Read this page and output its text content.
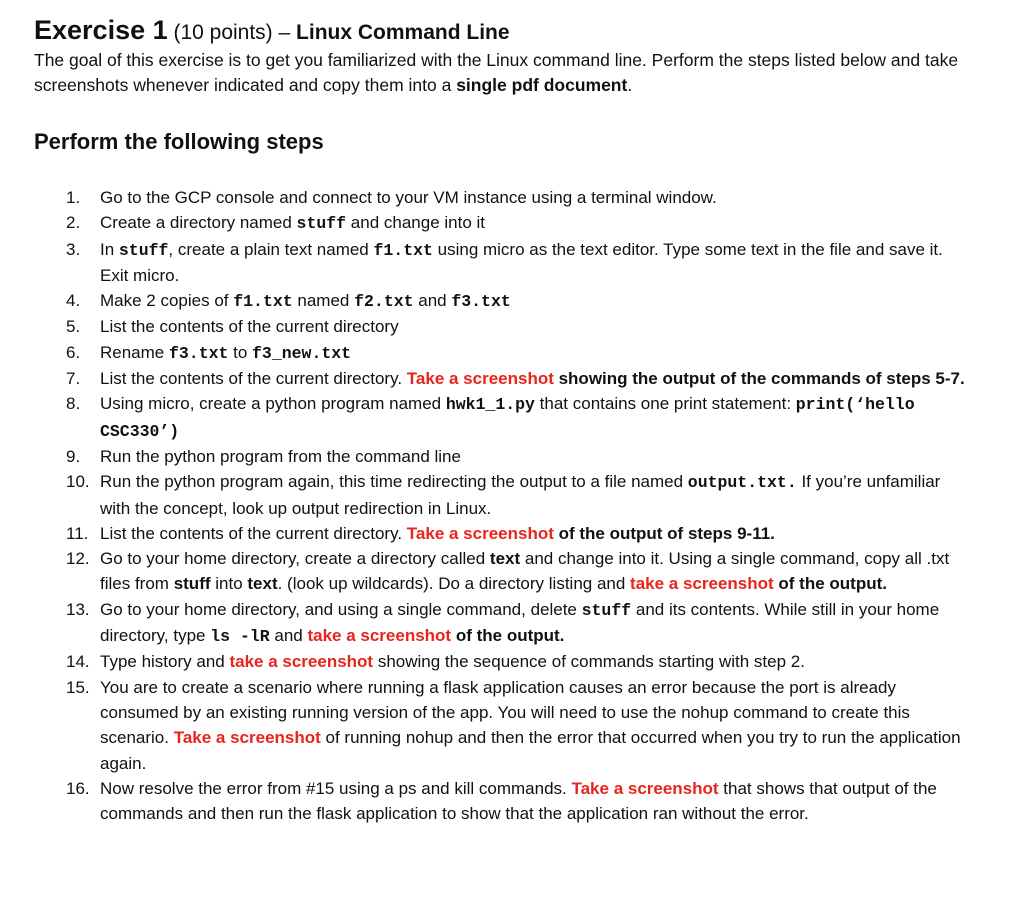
Exercise 1 (10 points) – Linux Command Line

The goal of this exercise is to get you familiarized with the Linux command line. Perform the steps listed below and take screenshots whenever indicated and copy them into a single pdf document.

Perform the following steps
1.	Go to the GCP console and connect to your VM instance using a terminal window.
2.	Create a directory named stuff and change into it
3.	In stuff, create a plain text named f1.txt using micro as the text editor. Type some text in the file and save it. Exit micro.
4.	Make 2 copies of f1.txt named f2.txt and f3.txt
5.	List the contents of the current directory
6.	Rename f3.txt to f3_new.txt
7.	List the contents of the current directory. Take a screenshot showing the output of the commands of steps 5-7.
8.	Using micro, create a python program named hwk1_1.py that contains one print statement: print(‘hello CSC330’)
9.	Run the python program from the command line
10. Run the python program again, this time redirecting the output to a file named output.txt. If you’re unfamiliar with the concept, look up output redirection in Linux.
11. List the contents of the current directory. Take a screenshot of the output of steps 9-11.
12. Go to your home directory, create a directory called text and change into it. Using a single command, copy all .txt files from stuff into text. (look up wildcards). Do a directory listing and take a screenshot of the output.
13. Go to your home directory, and using a single command, delete stuff and its contents. While still in your home directory, type ls -lR and take a screenshot of the output.
14. Type history and take a screenshot showing the sequence of commands starting with step 2.
15. You are to create a scenario where running a flask application causes an error because the port is already consumed by an existing running version of the app. You will need to use the nohup command to create this scenario. Take a screenshot of running nohup and then the error that occurred when you try to run the application again.
16. Now resolve the error from #15 using a ps and kill commands. Take a screenshot that shows that output of the commands and then run the flask application to show that the application ran without the error.
